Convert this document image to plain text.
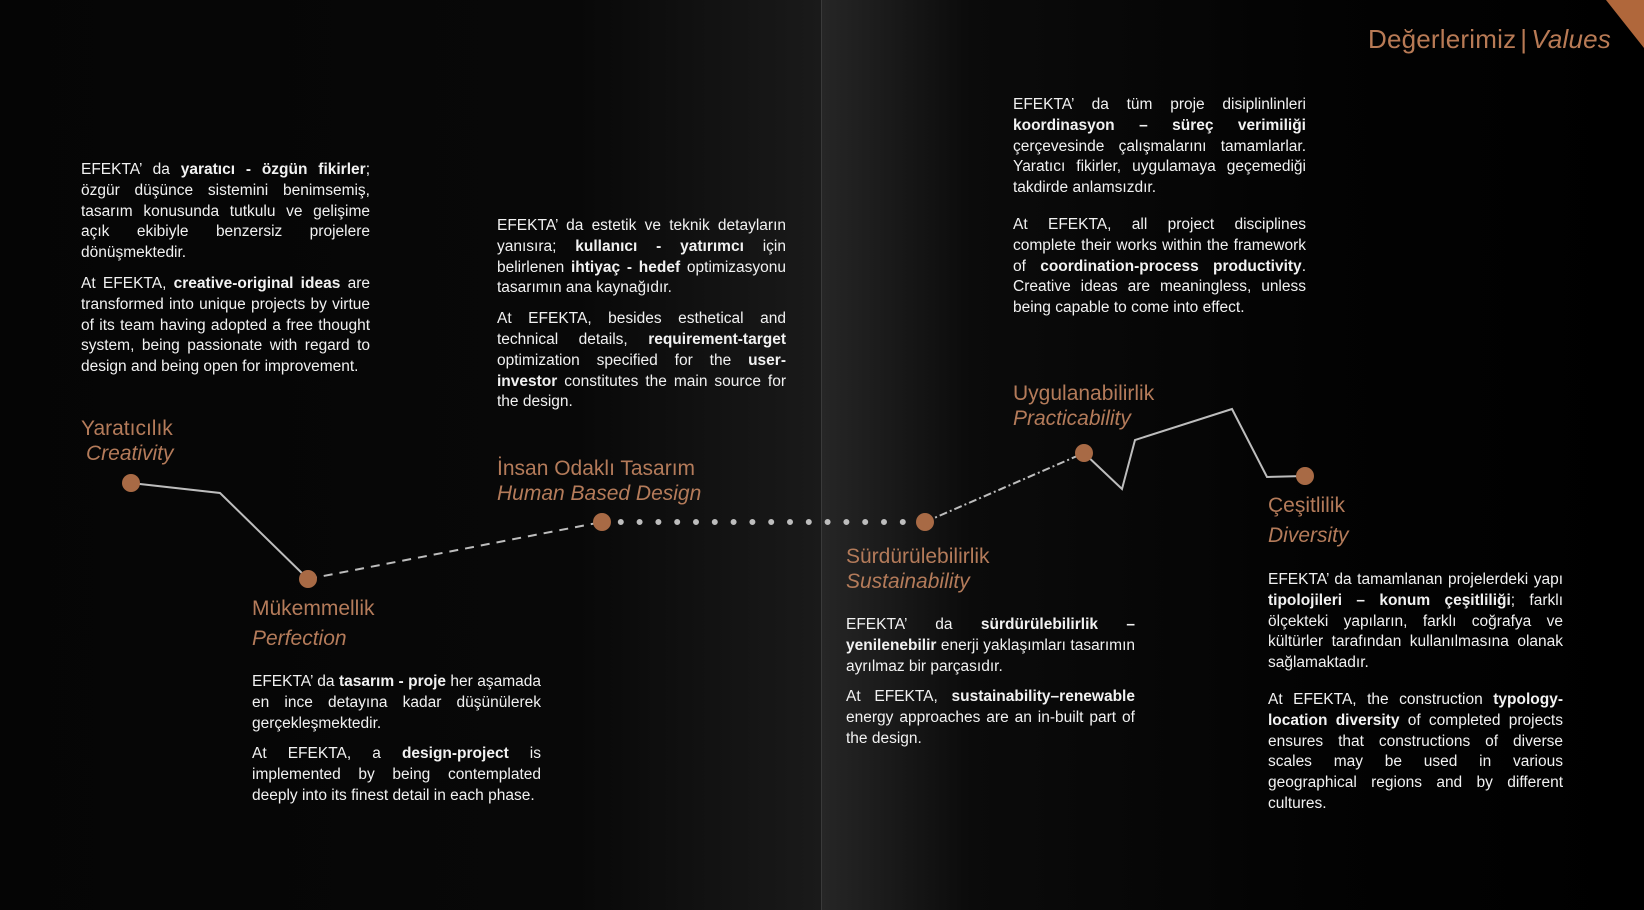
Değerlerimiz | Values

EFEKTA’ da yaratıcı - özgün fikirler; özgür düşünce sistemini benimsemiş, tasarım konusunda tutkulu ve gelişime açık ekibiyle benzersiz projelere dönüşmektedir.

At EFEKTA, creative-original ideas are transformed into unique projects by virtue of its team having adopted a free thought system, being passionate with regard to design and being open for improvement.

Yaratıcılık
Creativity
Mükemmellik
Perfection

EFEKTA’ da tasarım - proje her aşamada en ince detayına kadar düşünülerek gerçekleşmektedir.

At EFEKTA, a design-project is implemented by being contemplated deeply into its finest detail in each phase.

EFEKTA’ da estetik ve teknik detayların yanısıra; kullanıcı - yatırımcı için belirlenen ihtiyaç - hedef optimizasyonu tasarımın ana kaynağıdır.

At EFEKTA, besides esthetical and technical details, requirement-target optimization specified for the user-investor constitutes the main source for the design.

İnsan Odaklı Tasarım
Human Based Design
Sürdürülebilirlik
Sustainability

EFEKTA’ da sürdürülebilirlik – yenilenebilir enerji yaklaşımları tasarımın ayrılmaz bir parçasıdır.

At EFEKTA, sustainability–renewable energy approaches are an in-built part of the design.

EFEKTA’ da tüm proje disiplinlinleri koordinasyon – süreç verimiliği çerçevesinde çalışmalarını tamamlarlar. Yaratıcı fikirler, uygulamaya geçemediği takdirde anlamsızdır.

At EFEKTA, all project disciplines complete their works within the framework of coordination-process productivity. Creative ideas are meaningless, unless being capable to come into effect.

Uygulanabilirlik
Practicability
Çeşitlilik
Diversity

EFEKTA’ da tamamlanan projelerdeki yapı tipolojileri – konum çeşitliliği; farklı ölçekteki yapıların, farklı coğrafya ve kültürler tarafından kullanılmasına olanak sağlamaktadır.

At EFEKTA, the construction typology-location diversity of completed projects ensures that constructions of diverse scales may be used in various geographical regions and by different cultures.
